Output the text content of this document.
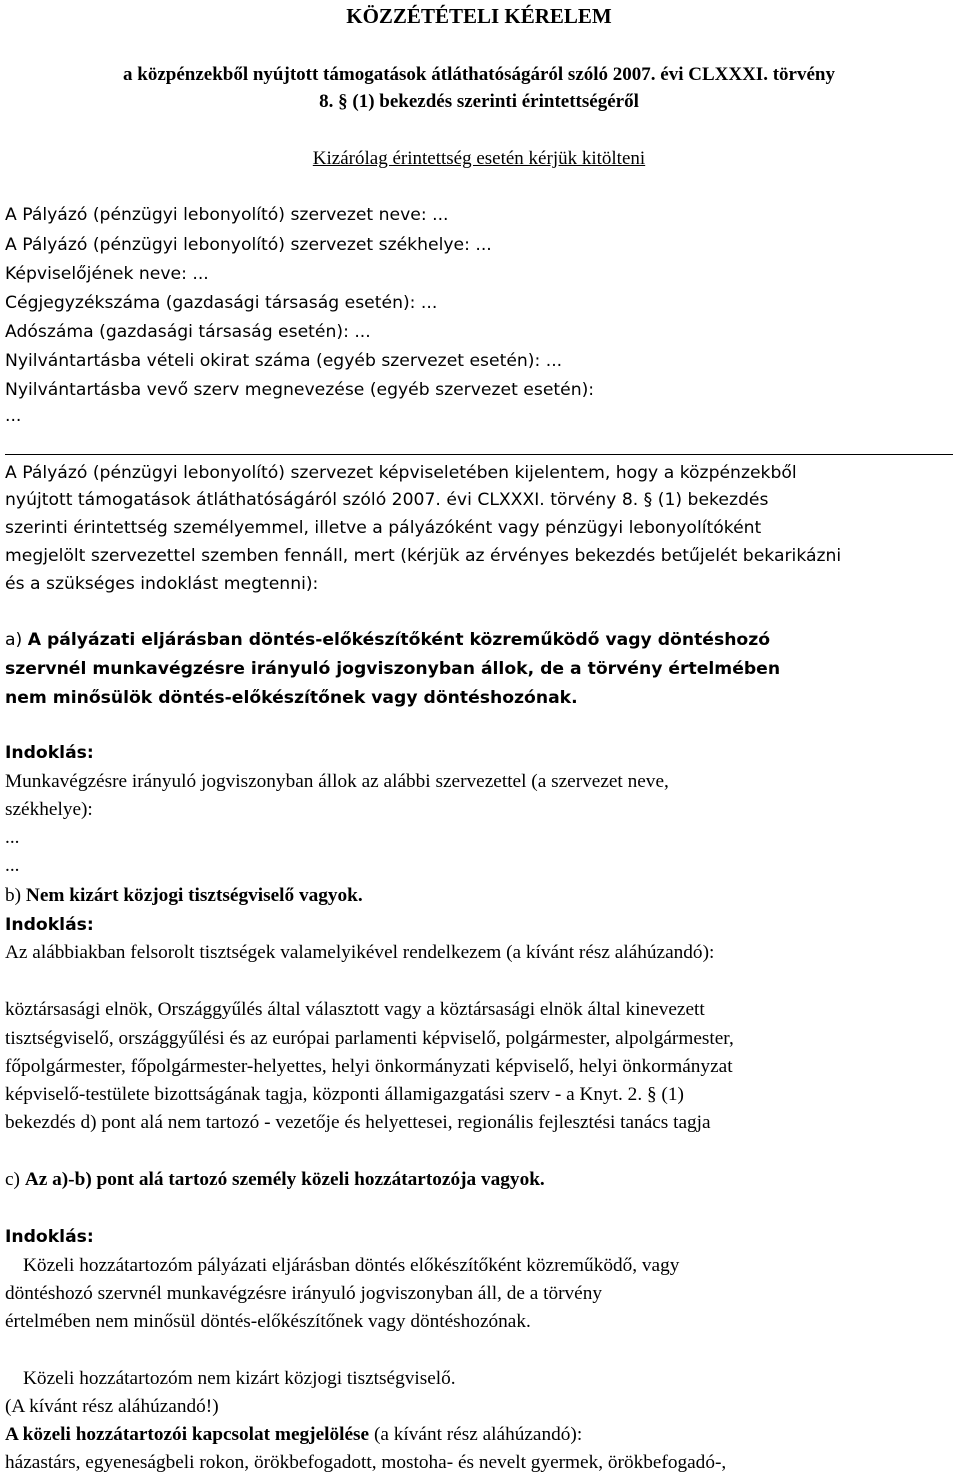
KÖZZÉTÉTELI KÉRELEM
a közpénzekből nyújtott támogatások átláthatóságáról szóló 2007. évi CLXXXI. törvény
8. § (1) bekezdés szerinti érintettségéről
Kizárólag érintettség esetén kérjük kitölteni
A Pályázó (pénzügyi lebonyolító) szervezet neve: ...
A Pályázó (pénzügyi lebonyolító) szervezet székhelye: ...
Képviselőjének neve: ...
Cégjegyzékszáma (gazdasági társaság esetén): ...
Adószáma (gazdasági társaság esetén): ...
Nyilvántartásba vételi okirat száma (egyéb szervezet esetén): ...
Nyilvántartásba vevő szerv megnevezése (egyéb szervezet esetén):
...
A Pályázó (pénzügyi lebonyolító) szervezet képviseletében kijelentem, hogy a közpénzekből
nyújtott támogatások átláthatóságáról szóló 2007. évi CLXXXI. törvény 8. § (1) bekezdés
szerinti érintettség személyemmel, illetve a pályázóként vagy pénzügyi lebonyolítóként
megjelölt szervezettel szemben fennáll, mert (kérjük az érvényes bekezdés betűjelét bekarikázni
és a szükséges indoklást megtenni):
a) A pályázati eljárásban döntés-előkészítőként közreműködő vagy döntéshozó
szervnél munkavégzésre irányuló jogviszonyban állok, de a törvény értelmében
nem minősülök döntés-előkészítőnek vagy döntéshozónak.
Indoklás:
Munkavégzésre irányuló jogviszonyban állok az alábbi szervezettel (a szervezet neve,
székhelye):
...
...
b) Nem kizárt közjogi tisztségviselő vagyok.
Indoklás:
Az alábbiakban felsorolt tisztségek valamelyikével rendelkezem (a kívánt rész aláhúzandó):
köztársasági elnök, Országgyűlés által választott vagy a köztársasági elnök által kinevezett
tisztségviselő, országgyűlési és az európai parlamenti képviselő, polgármester, alpolgármester,
főpolgármester, főpolgármester-helyettes, helyi önkormányzati képviselő, helyi önkormányzat
képviselő-testülete bizottságának tagja, központi államigazgatási szerv - a Knyt. 2. § (1)
bekezdés d) pont alá nem tartozó - vezetője és helyettesei, regionális fejlesztési tanács tagja
c) Az a)-b) pont alá tartozó személy közeli hozzátartozója vagyok.
Indoklás:
Közeli hozzátartozóm pályázati eljárásban döntés előkészítőként közreműködő, vagy
döntéshozó szervnél munkavégzésre irányuló jogviszonyban áll, de a törvény
értelmében nem minősül döntés-előkészítőnek vagy döntéshozónak.
Közeli hozzátartozóm nem kizárt közjogi tisztségviselő.
(A kívánt rész aláhúzandó!)
A közeli hozzátartozói kapcsolat megjelölése (a kívánt rész aláhúzandó):
házastárs, egyeneságbeli rokon, örökbefogadott, mostoha- és nevelt gyermek, örökbefogadó-,
